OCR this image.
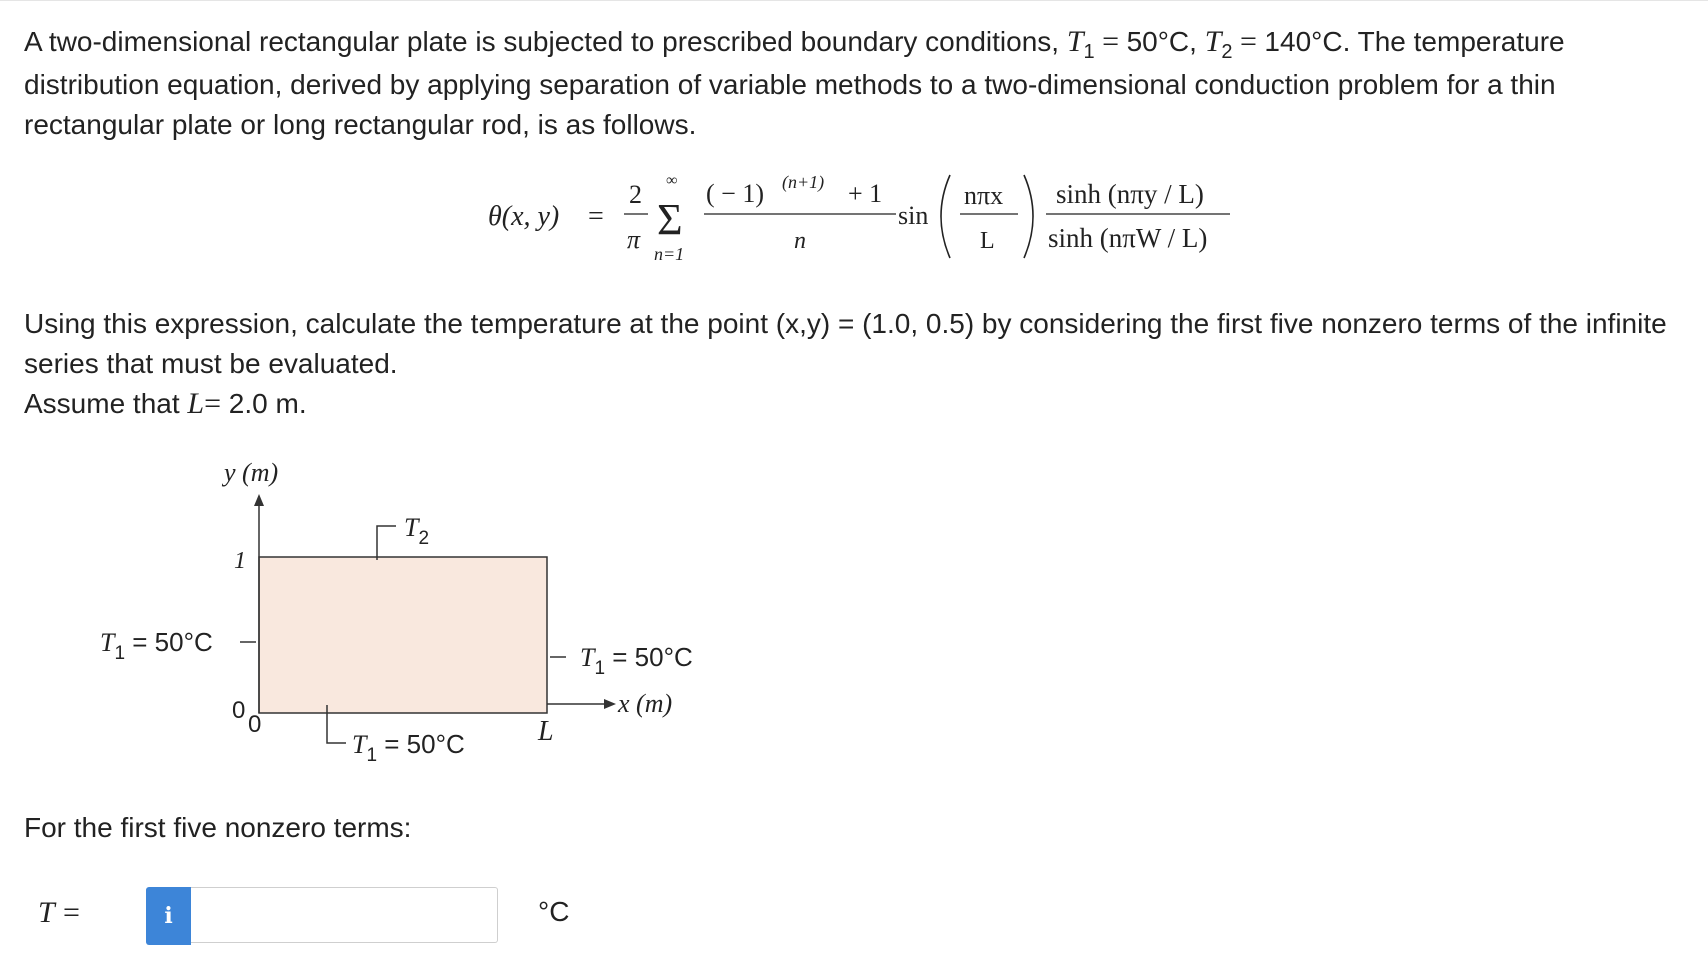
A two-dimensional rectangular plate is subjected to prescribed boundary conditions, $T_1 = 50^\circ C$, $T_2 = 140^\circ C$. The temperature distribution equation, derived by applying separation of variable methods to a two-dimensional conduction problem for a thin rectangular plate or long rectangular rod, is as follows.
θ(x, y) =
2
π
∞
Σ
n=1
( − 1) (n+1) + 1
n
sin
nπx
L
sinh (nπy / L)
sinh (nπW / L)
Using this expression, calculate the temperature at the point (x,y) = (1.0, 0.5) by considering the first five nonzero terms of the infinite series that must be evaluated.
Assume that L= 2.0 m.
y (m)
1
$T_2$
$T_1 = 50^\circ C$
$T_1 = 50^\circ C$
x (m)
0
0
$T_1 = 50^\circ C$	L
For the first five nonzero terms:
T =	i	°C
